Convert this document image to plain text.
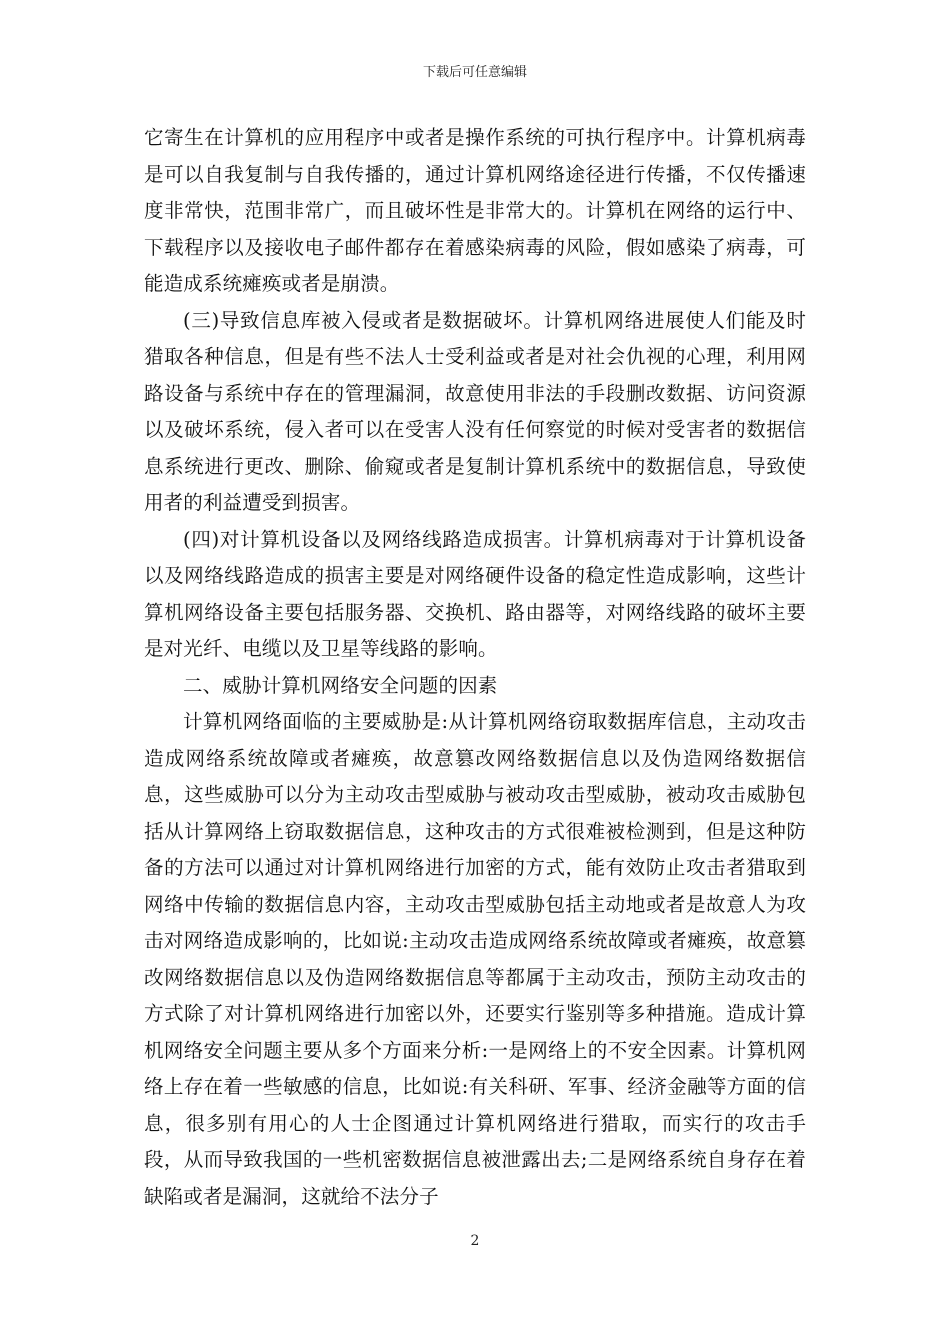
下载后可任意编辑

它寄生在计算机的应用程序中或者是操作系统的可执行程序中。计算机病毒是可以自我复制与自我传播的，通过计算机网络途径进行传播，不仅传播速度非常快，范围非常广，而且破坏性是非常大的。计算机在网络的运行中、下载程序以及接收电子邮件都存在着感染病毒的风险，假如感染了病毒，可能造成系统瘫痪或者是崩溃。

(三)导致信息库被入侵或者是数据破坏。计算机网络进展使人们能及时猎取各种信息，但是有些不法人士受利益或者是对社会仇视的心理，利用网路设备与系统中存在的管理漏洞，故意使用非法的手段删改数据、访问资源以及破坏系统，侵入者可以在受害人没有任何察觉的时候对受害者的数据信息系统进行更改、删除、偷窥或者是复制计算机系统中的数据信息，导致使用者的利益遭受到损害。

(四)对计算机设备以及网络线路造成损害。计算机病毒对于计算机设备以及网络线路造成的损害主要是对网络硬件设备的稳定性造成影响，这些计算机网络设备主要包括服务器、交换机、路由器等，对网络线路的破坏主要是对光纤、电缆以及卫星等线路的影响。

二、威胁计算机网络安全问题的因素

计算机网络面临的主要威胁是:从计算机网络窃取数据库信息，主动攻击造成网络系统故障或者瘫痪，故意篡改网络数据信息以及伪造网络数据信息，这些威胁可以分为主动攻击型威胁与被动攻击型威胁，被动攻击威胁包括从计算网络上窃取数据信息，这种攻击的方式很难被检测到，但是这种防备的方法可以通过对计算机网络进行加密的方式，能有效防止攻击者猎取到网络中传输的数据信息内容，主动攻击型威胁包括主动地或者是故意人为攻击对网络造成影响的，比如说:主动攻击造成网络系统故障或者瘫痪，故意篡改网络数据信息以及伪造网络数据信息等都属于主动攻击，预防主动攻击的方式除了对计算机网络进行加密以外，还要实行鉴别等多种措施。造成计算机网络安全问题主要从多个方面来分析:一是网络上的不安全因素。计算机网络上存在着一些敏感的信息，比如说:有关科研、军事、经济金融等方面的信息，很多别有用心的人士企图通过计算机网络进行猎取，而实行的攻击手段，从而导致我国的一些机密数据信息被泄露出去;二是网络系统自身存在着缺陷或者是漏洞，这就给不法分子

2
